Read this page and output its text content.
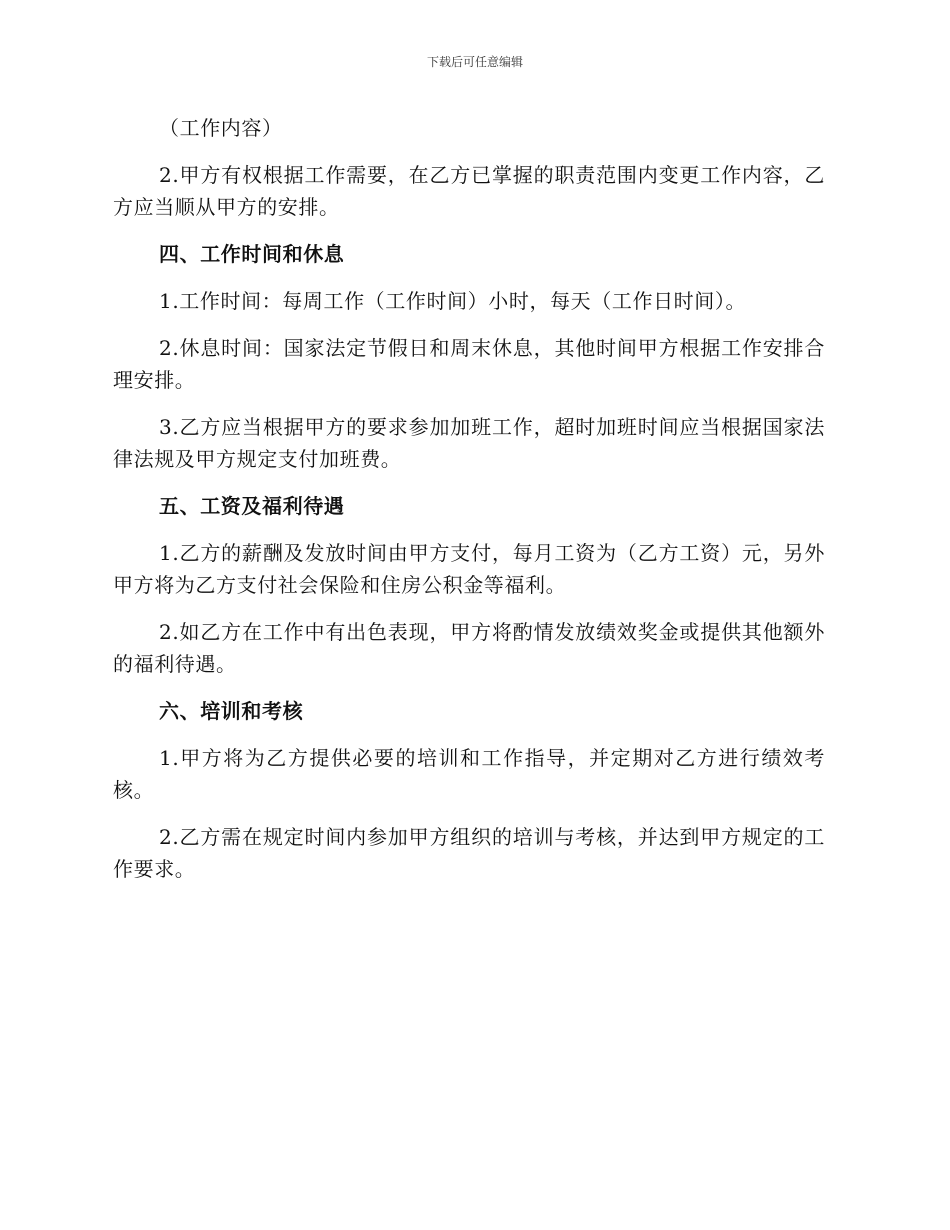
下载后可任意编辑

（工作内容）

2.甲方有权根据工作需要，在乙方已掌握的职责范围内变更工作内容，乙方应当顺从甲方的安排。

四、工作时间和休息

1.工作时间：每周工作（工作时间）小时，每天（工作日时间）。

2.休息时间：国家法定节假日和周末休息，其他时间甲方根据工作安排合理安排。

3.乙方应当根据甲方的要求参加加班工作，超时加班时间应当根据国家法律法规及甲方规定支付加班费。

五、工资及福利待遇

1.乙方的薪酬及发放时间由甲方支付，每月工资为（乙方工资）元，另外甲方将为乙方支付社会保险和住房公积金等福利。

2.如乙方在工作中有出色表现，甲方将酌情发放绩效奖金或提供其他额外的福利待遇。

六、培训和考核

1.甲方将为乙方提供必要的培训和工作指导，并定期对乙方进行绩效考核。

2.乙方需在规定时间内参加甲方组织的培训与考核，并达到甲方规定的工作要求。
